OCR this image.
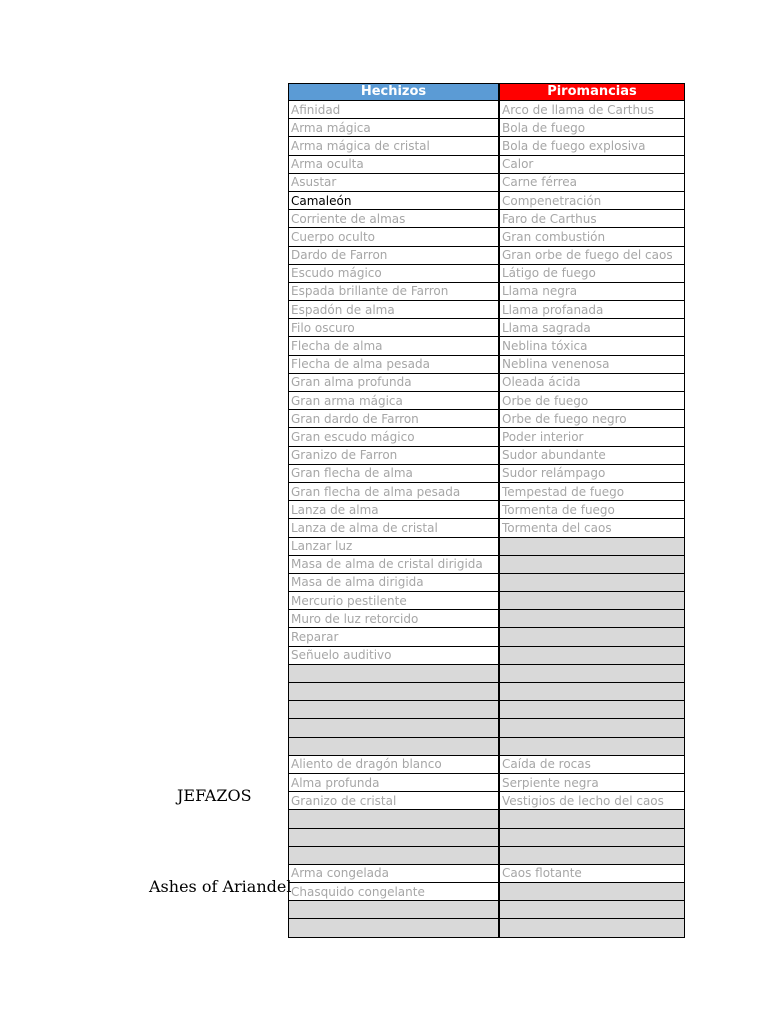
JEFAZOS
Ashes of Ariandel
Hechizos	Piromancias
Afinidad	Arco de llama de Carthus
Arma mágica	Bola de fuego
Arma mágica de cristal	Bola de fuego explosiva
Arma oculta	Calor
Asustar	Carne férrea
Camaleón	Compenetración
Corriente de almas	Faro de Carthus
Cuerpo oculto	Gran combustión
Dardo de Farron	Gran orbe de fuego del caos
Escudo mágico	Látigo de fuego
Espada brillante de Farron	Llama negra
Espadón de alma	Llama profanada
Filo oscuro	Llama sagrada
Flecha de alma	Neblina tóxica
Flecha de alma pesada	Neblina venenosa
Gran alma profunda	Oleada ácida
Gran arma mágica	Orbe de fuego
Gran dardo de Farron	Orbe de fuego negro
Gran escudo mágico	Poder interior
Granizo de Farron	Sudor abundante
Gran flecha de alma	Sudor relámpago
Gran flecha de alma pesada	Tempestad de fuego
Lanza de alma	Tormenta de fuego
Lanza de alma de cristal	Tormenta del caos
Lanzar luz	
Masa de alma de cristal dirigida	
Masa de alma dirigida	
Mercurio pestilente	
Muro de luz retorcido	
Reparar	
Señuelo auditivo	

Aliento de dragón blanco	Caída de rocas
Alma profunda	Serpiente negra
Granizo de cristal	Vestigios de lecho del caos

Arma congelada	Caos flotante
Chasquido congelante	
